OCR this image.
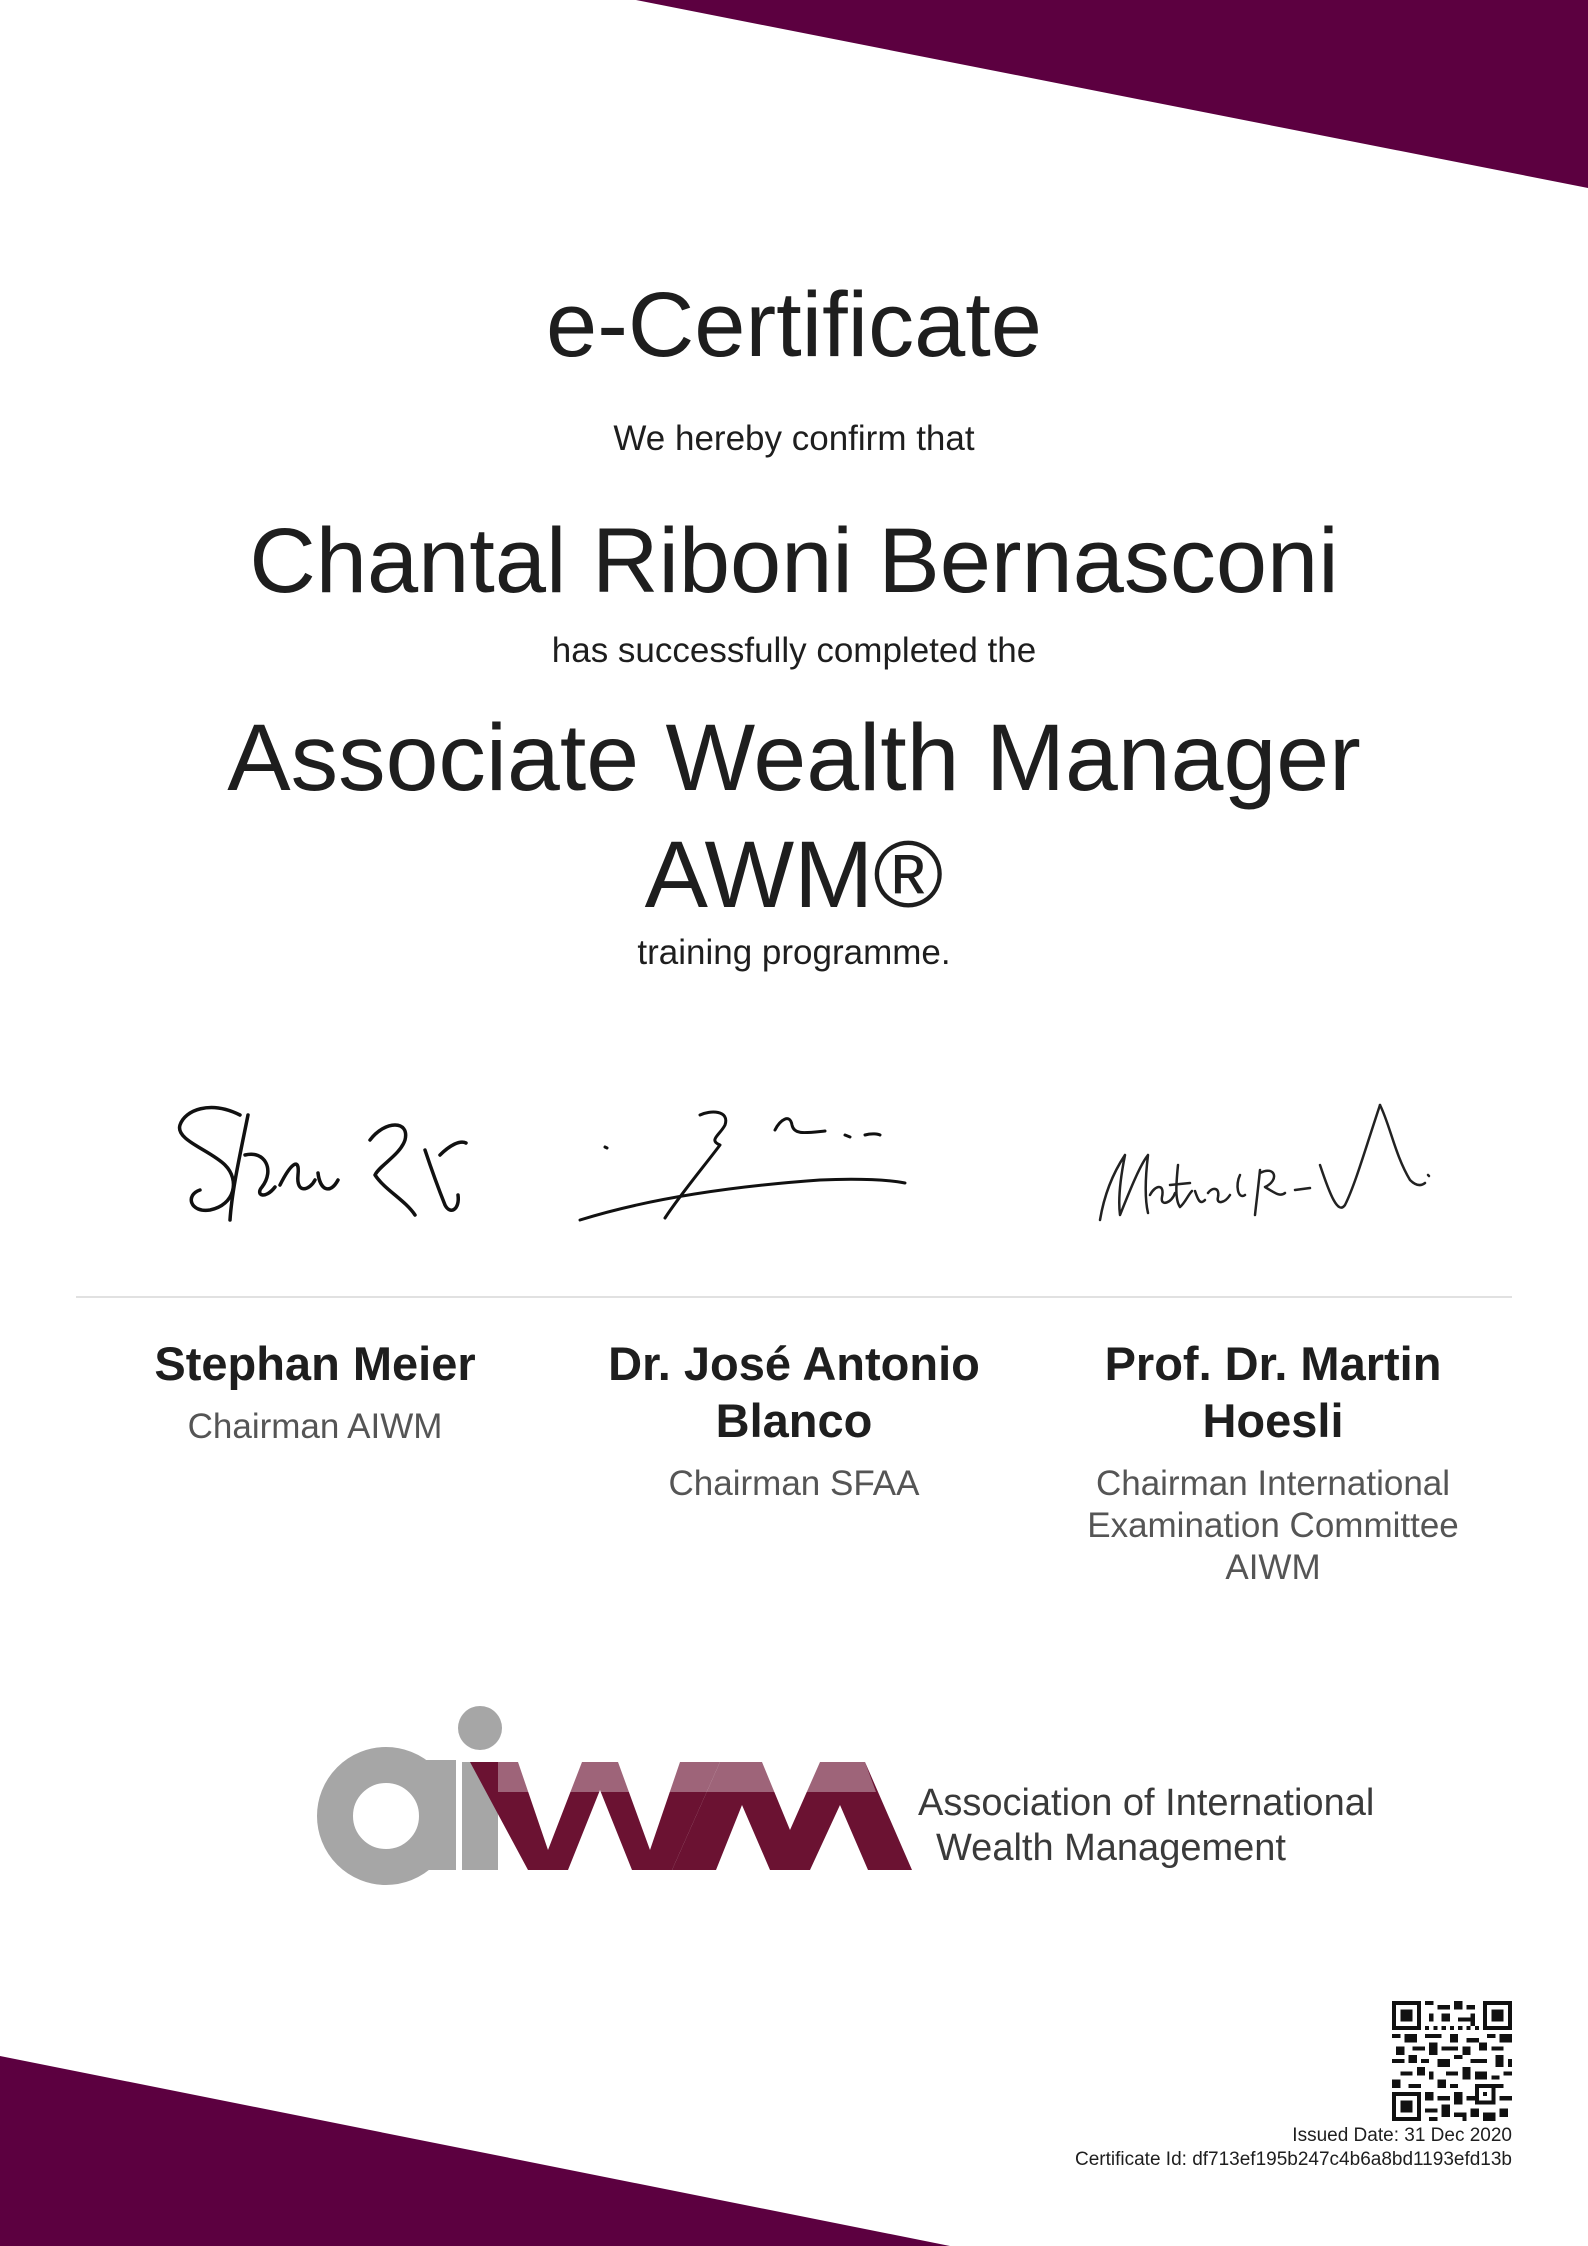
e-Certificate
We hereby confirm that
Chantal Riboni Bernasconi
has successfully completed the
Associate Wealth Manager
AWM®
training programme.
Stephan Meier
Chairman AIWM
Dr. José Antonio
Blanco
Chairman SFAA
Prof. Dr. Martin
Hoesli
Chairman International
Examination Committee
AIWM
Association of International
Wealth Management
Issued Date: 31 Dec 2020
Certificate Id: df713ef195b247c4b6a8bd1193efd13b
